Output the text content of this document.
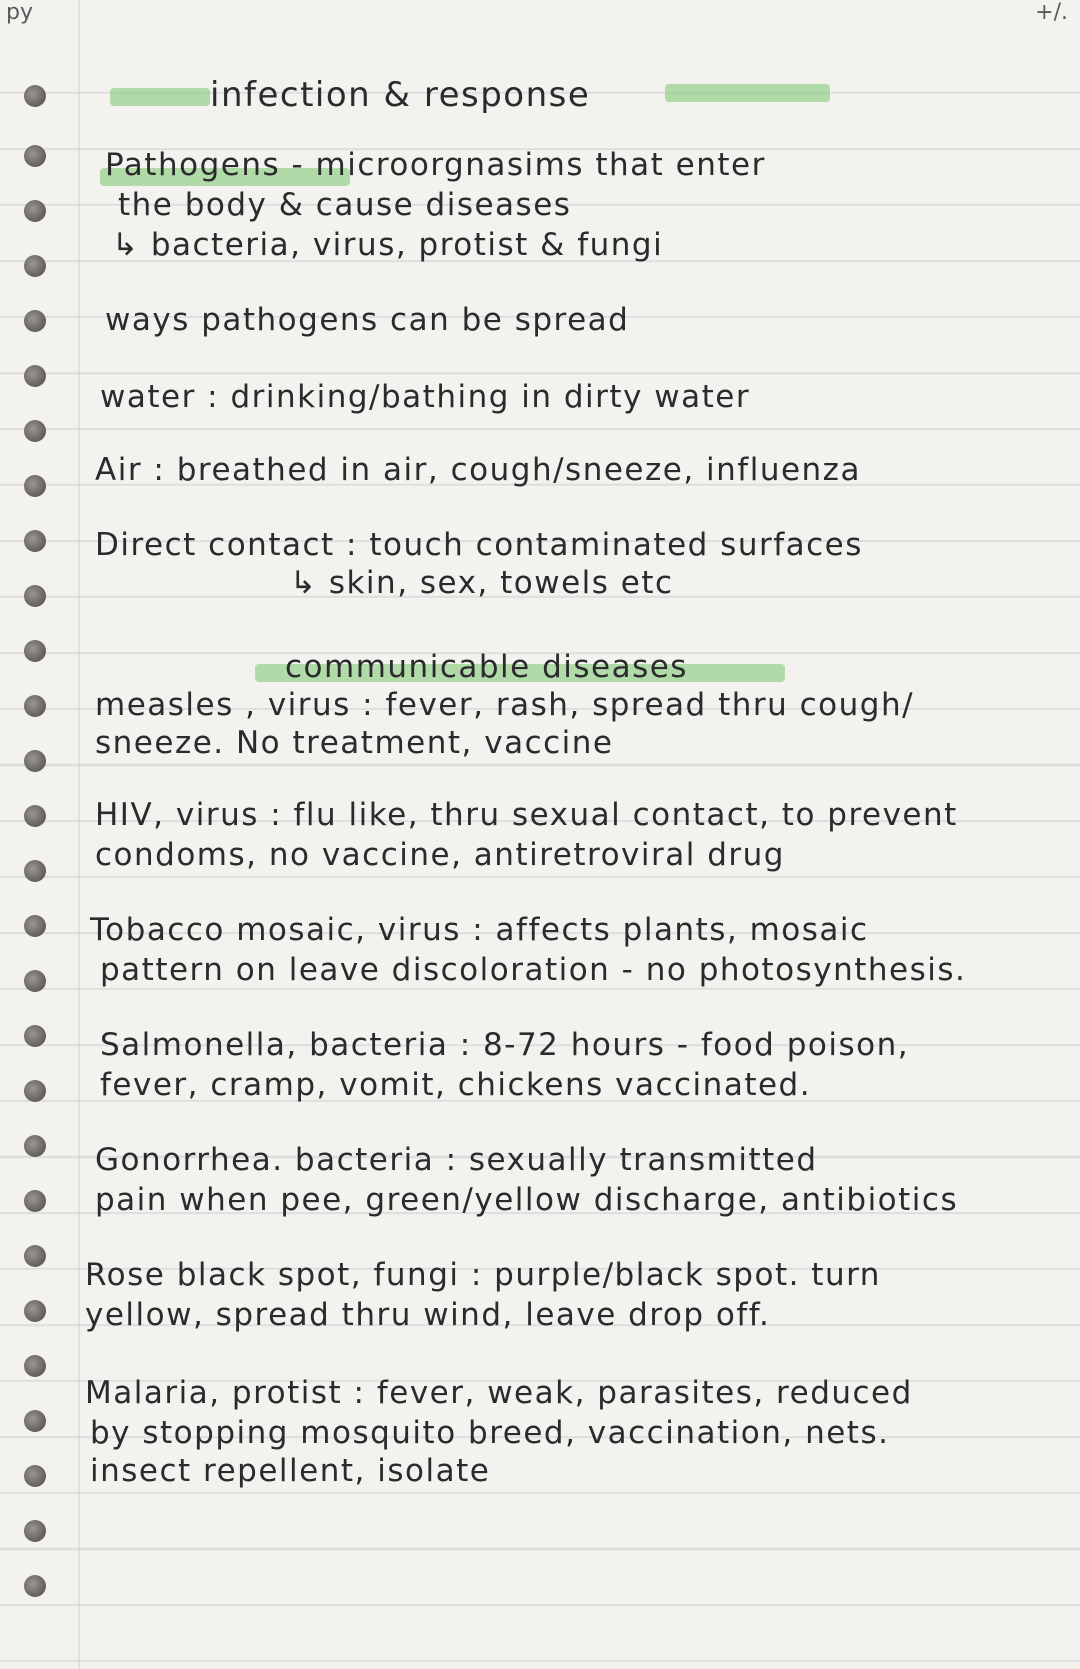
py	+/.
infection & response
Pathogens - microorgnasims that enter
the body & cause diseases
↳ bacteria, virus, protist & fungi
ways pathogens can be spread
water : drinking/bathing in dirty water
Air : breathed in air, cough/sneeze, influenza
Direct contact : touch contaminated surfaces
↳ skin, sex, towels etc
communicable diseases
measles , virus : fever, rash, spread thru cough/
sneeze. No treatment, vaccine
HIV, virus : flu like, thru sexual contact, to prevent
condoms, no vaccine, antiretroviral drug
Tobacco mosaic, virus : affects plants, mosaic
pattern on leave discoloration - no photosynthesis.
Salmonella, bacteria : 8-72 hours - food poison,
fever, cramp, vomit, chickens vaccinated.
Gonorrhea. bacteria : sexually transmitted
pain when pee, green/yellow discharge, antibiotics
Rose black spot, fungi : purple/black spot. turn
yellow, spread thru wind, leave drop off.
Malaria, protist : fever, weak, parasites, reduced
by stopping mosquito breed, vaccination, nets.
insect repellent, isolate
